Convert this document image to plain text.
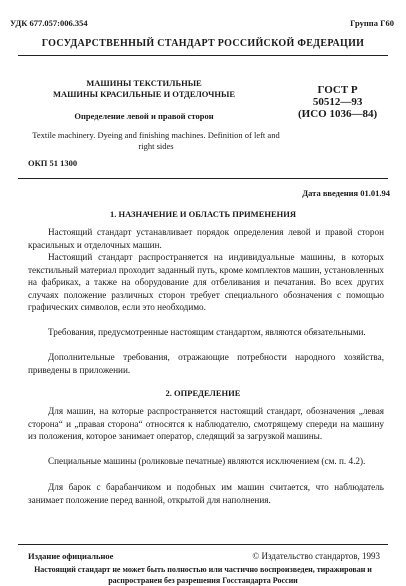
УДК 677.057:006.354	Группа Г60
ГОСУДАРСТВЕННЫЙ СТАНДАРТ РОССИЙСКОЙ ФЕДЕРАЦИИ
МАШИНЫ ТЕКСТИЛЬНЫЕ
МАШИНЫ КРАСИЛЬНЫЕ И ОТДЕЛОЧНЫЕ	ГОСТ Р
50512—93
(ИСО 1036—84)
Определение левой и правой сторон
Textile machinery. Dyeing and finishing machines. Definition of left and right sides
ОКП 51 1300
Дата введения 01.01.94
1. НАЗНАЧЕНИЕ И ОБЛАСТЬ ПРИМЕНЕНИЯ

Настоящий стандарт устанавливает порядок определения левой и правой сторон красильных и отделочных машин.

Настоящий стандарт распространяется на индивидуальные машины, в которых текстильный материал проходит заданный путь, кроме комплектов машин, установленных на фабриках, а также на оборудование для отбеливания и печатания. Во всех других случаях положение различных сторон требует специального обозначения с помощью графических символов, если это необходимо.

Требования, предусмотренные настоящим стандартом, являются обязательными.

Дополнительные требования, отражающие потребности народного хозяйства, приведены в приложении.

2. ОПРЕДЕЛЕНИЕ

Для машин, на которые распространяется настоящий стандарт, обозначения „левая сторона“ и „правая сторона“ относятся к наблюдателю, смотрящему спереди на машину из положения, которое занимает оператор, следящий за загрузкой машины.

Специальные машины (роликовые печатные) являются исключением (см. п. 4.2).

Для барок с барабанчиком и подобных им машин считается, что наблюдатель занимает положение перед ванной, открытой для наполнения.

Издание официальное	© Издательство стандартов, 1993
Настоящий стандарт не может быть полностью или частично воспроизведен, тиражирован и распространен без разрешения Госстандарта России
